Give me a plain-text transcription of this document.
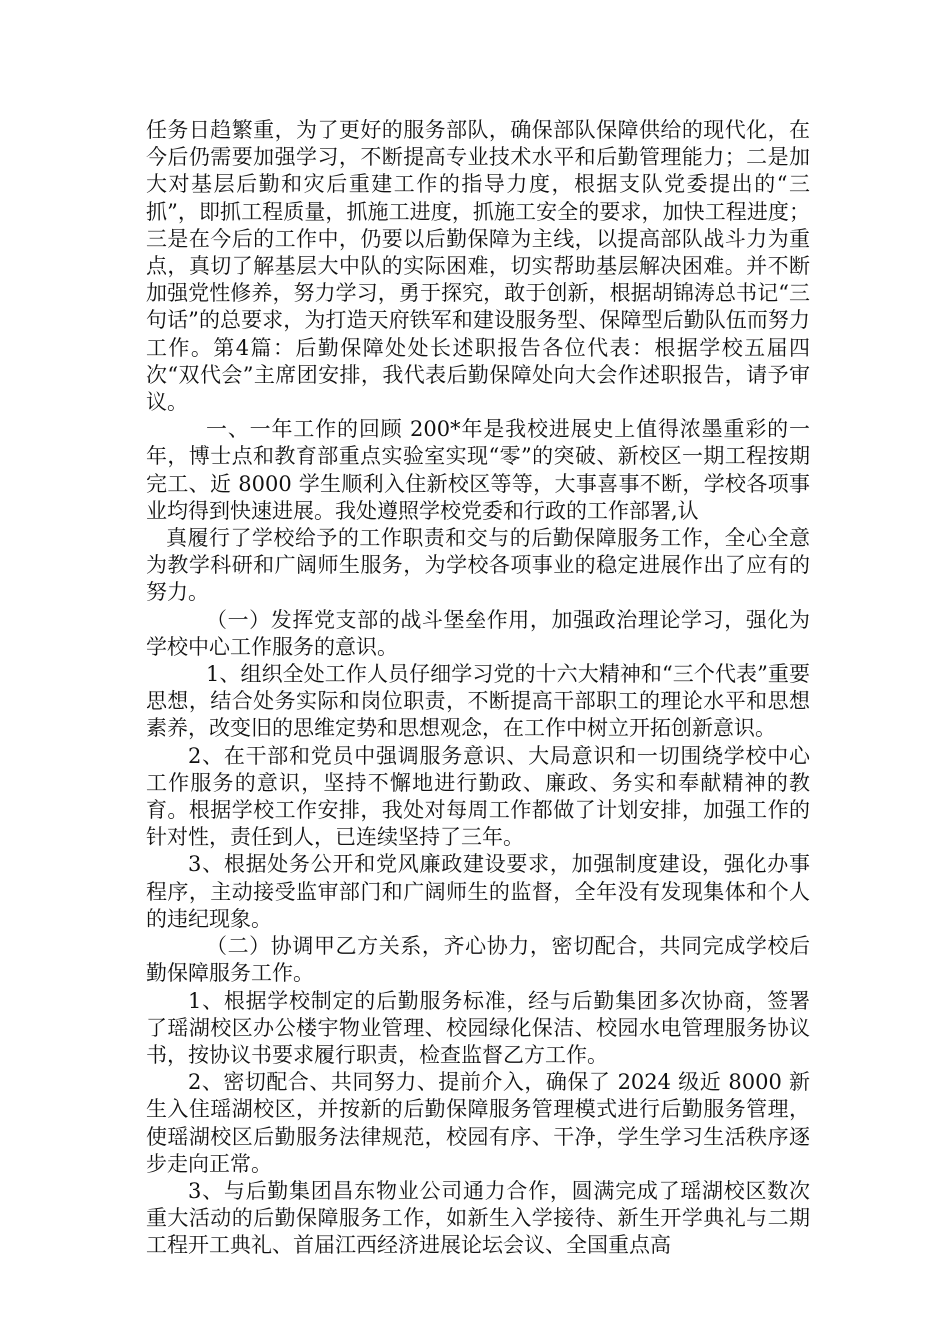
任务日趋繁重，为了更好的服务部队，确保部队保障供给的现代化，在今后仍需要加强学习，不断提高专业技术水平和后勤管理能力；二是加大对基层后勤和灾后重建工作的指导力度，根据支队党委提出的“三抓”，即抓工程质量，抓施工进度，抓施工安全的要求，加快工程进度；三是在今后的工作中，仍要以后勤保障为主线，以提高部队战斗力为重点，真切了解基层大中队的实际困难，切实帮助基层解决困难。并不断加强党性修养，努力学习，勇于探究，敢于创新，根据胡锦涛总书记“三句话”的总要求，为打造天府铁军和建设服务型、保障型后勤队伍而努力工作。第4篇：后勤保障处处长述职报告各位代表：根据学校五届四次“双代会”主席团安排，我代表后勤保障处向大会作述职报告，请予审议。

一、一年工作的回顾 200*年是我校进展史上值得浓墨重彩的一年，博士点和教育部重点实验室实现“零”的突破、新校区一期工程按期完工、近 8000 学生顺利入住新校区等等，大事喜事不断，学校各项事业均得到快速进展。我处遵照学校党委和行政的工作部署,认

真履行了学校给予的工作职责和交与的后勤保障服务工作，全心全意为教学科研和广阔师生服务，为学校各项事业的稳定进展作出了应有的努力。

（一）发挥党支部的战斗堡垒作用，加强政治理论学习，强化为学校中心工作服务的意识。

1、组织全处工作人员仔细学习党的十六大精神和“三个代表”重要思想，结合处务实际和岗位职责，不断提高干部职工的理论水平和思想素养，改变旧的思维定势和思想观念，在工作中树立开拓创新意识。

2、在干部和党员中强调服务意识、大局意识和一切围绕学校中心工作服务的意识，坚持不懈地进行勤政、廉政、务实和奉献精神的教育。根据学校工作安排，我处对每周工作都做了计划安排，加强工作的针对性，责任到人，已连续坚持了三年。

3、根据处务公开和党风廉政建设要求，加强制度建设，强化办事程序，主动接受监审部门和广阔师生的监督，全年没有发现集体和个人的违纪现象。

（二）协调甲乙方关系，齐心协力，密切配合，共同完成学校后勤保障服务工作。

1、根据学校制定的后勤服务标准，经与后勤集团多次协商，签署了瑶湖校区办公楼宇物业管理、校园绿化保洁、校园水电管理服务协议书，按协议书要求履行职责，检查监督乙方工作。

2、密切配合、共同努力、提前介入，确保了 2024 级近 8000 新生入住瑶湖校区，并按新的后勤保障服务管理模式进行后勤服务管理，使瑶湖校区后勤服务法律规范，校园有序、干净，学生学习生活秩序逐步走向正常。

3、与后勤集团昌东物业公司通力合作，圆满完成了瑶湖校区数次重大活动的后勤保障服务工作，如新生入学接待、新生开学典礼与二期工程开工典礼、首届江西经济进展论坛会议、全国重点高
